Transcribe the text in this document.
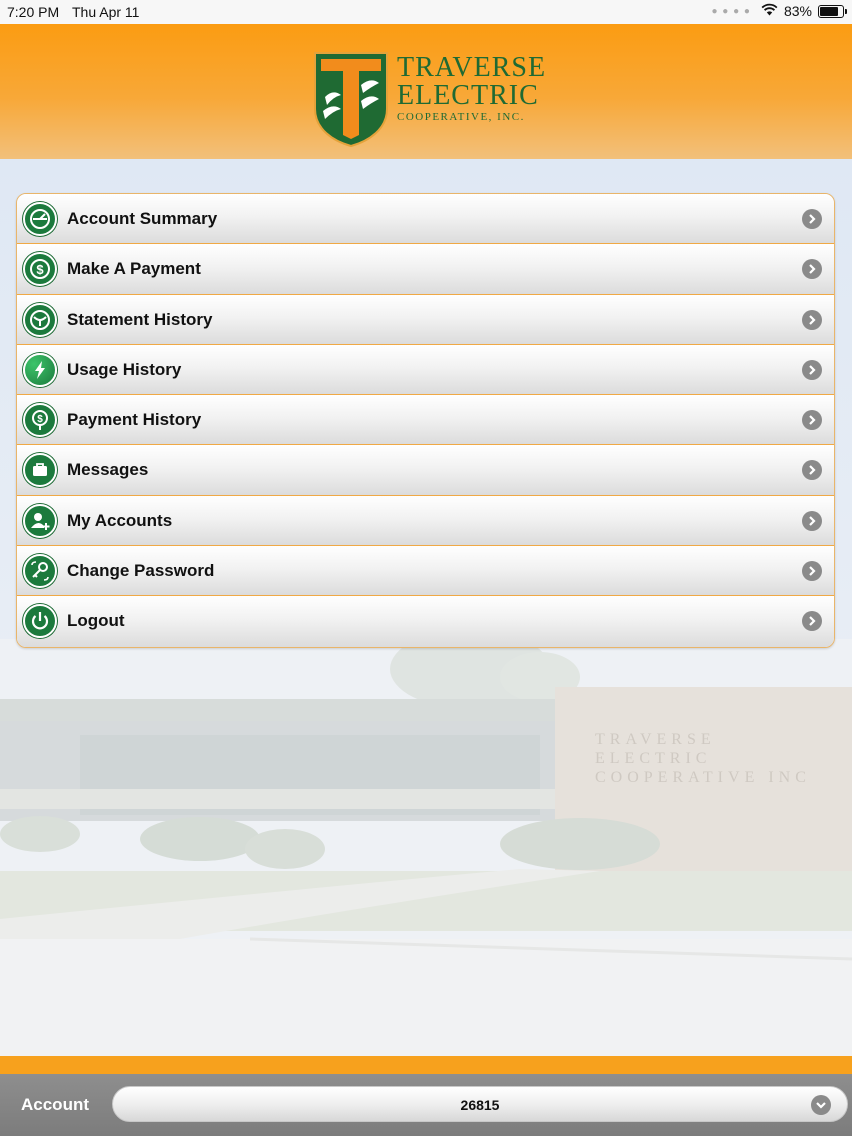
7:20 PM Thu Apr 11	● ● ● ● 83%
TRAVERSE
ELECTRIC
COOPERATIVE, INC.
TRAVERSE
ELECTRIC
COOPERATIVE INC
Account Summary
$ Make A Payment
Statement History
Usage History
$ Payment History
Messages
My Accounts
Change Password
Logout
Account	26815
